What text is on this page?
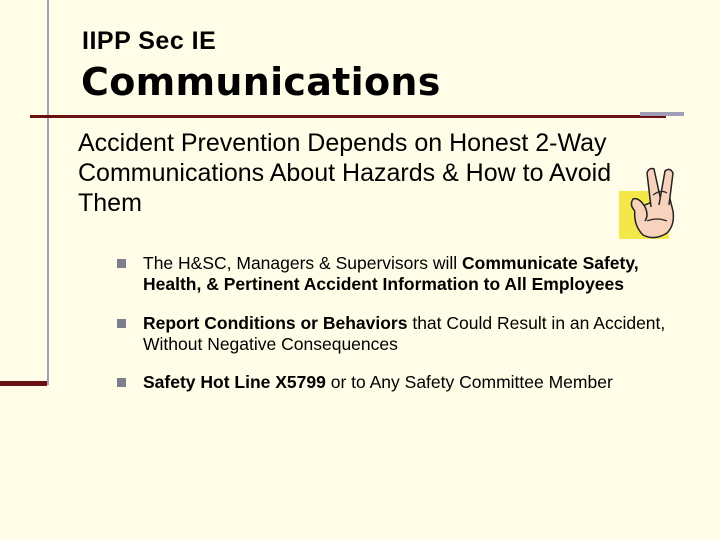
IIPP Sec IE
Communications
Accident Prevention Depends on Honest 2-Way Communications About Hazards & How to Avoid Them
The H&SC, Managers & Supervisors will Communicate Safety, Health, & Pertinent Accident Information to All Employees
Report Conditions or Behaviors that Could Result in an Accident, Without Negative Consequences
Safety Hot Line X5799 or to Any Safety Committee Member
